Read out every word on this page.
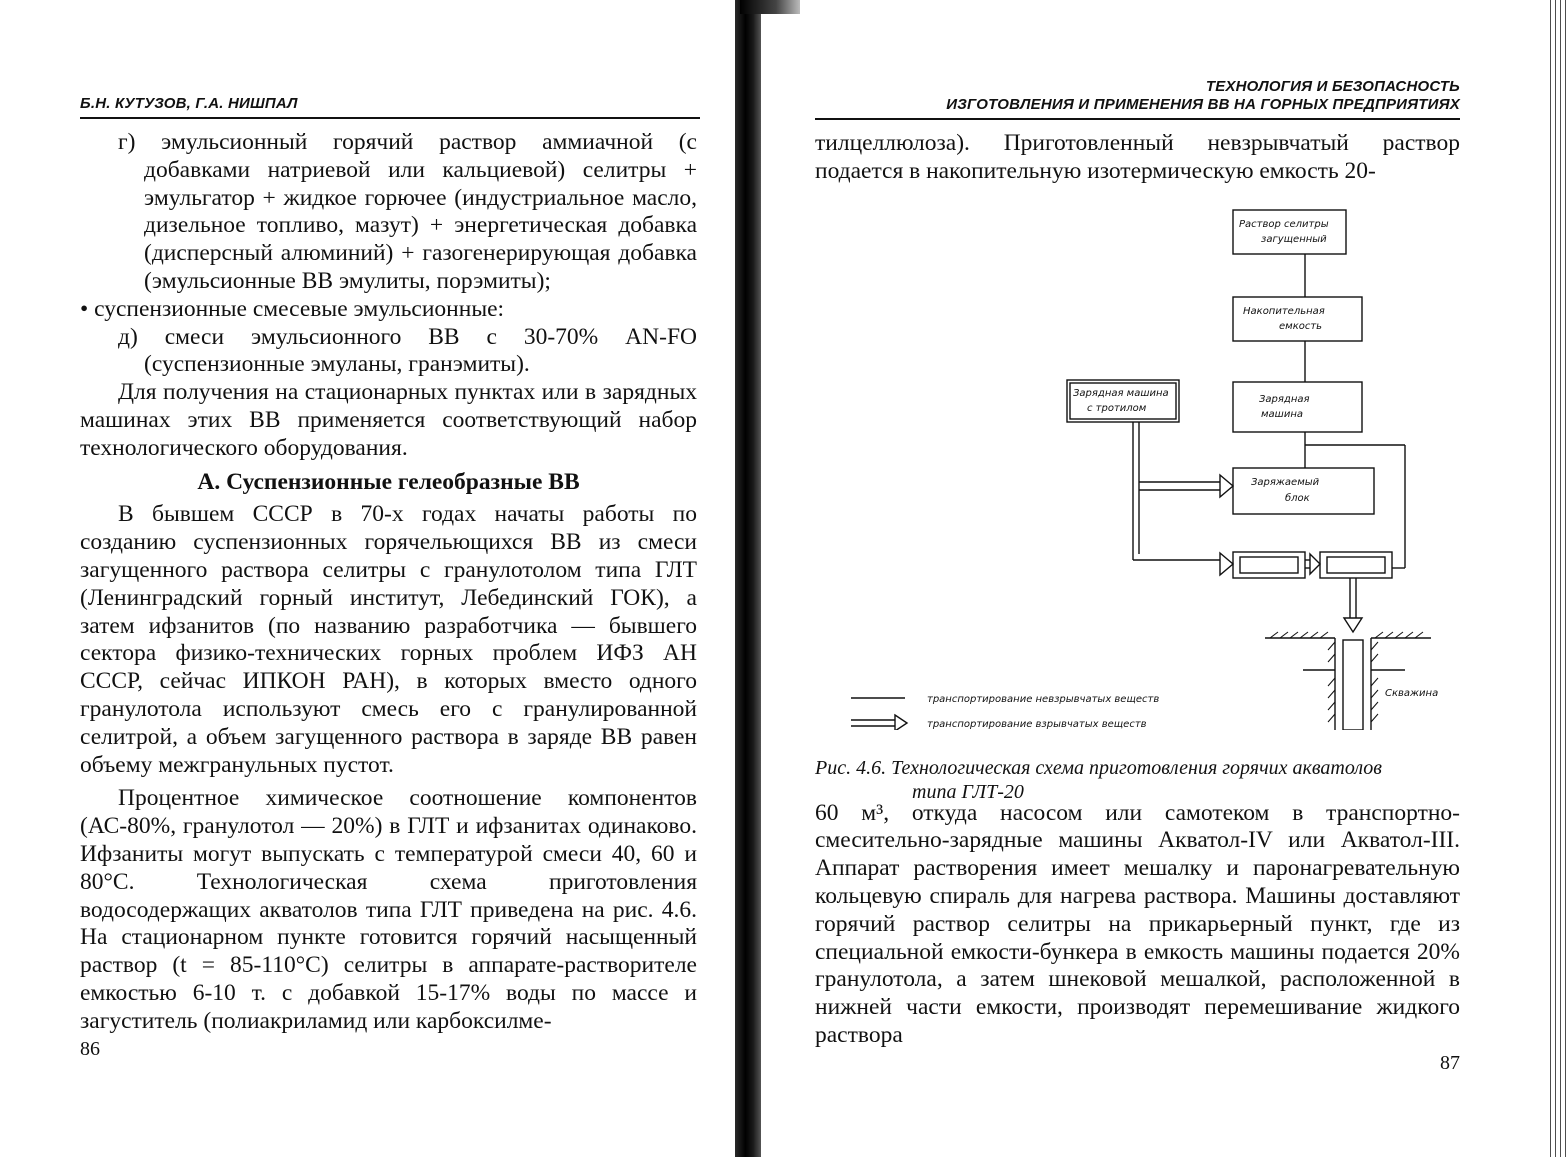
Б.Н. КУТУЗОВ, Г.А. НИШПАЛ

г) эмульсионный горячий раствор аммиачной (с добавками натриевой или кальциевой) селитры + эмульгатор + жидкое горючее (индустриальное масло, дизельное топливо, мазут) + энергетическая добавка (дисперсный алюминий) + газогенерирующая добавка (эмульсионные ВВ эмулиты, порэмиты);

• суспензионные смесевые эмульсионные:

д) смеси эмульсионного ВВ с 30-70% AN-FO (суспензионные эмуланы, гранэмиты).

Для получения на стационарных пунктах или в зарядных машинах этих ВВ применяется соответствующий набор технологического оборудования.

А. Суспензионные гелеобразные ВВ

В бывшем СССР в 70-х годах начаты работы по созданию суспензионных горячельющихся ВВ из смеси загущенного раствора селитры с гранулотолом типа ГЛТ (Ленинградский горный институт, Лебединский ГОК), а затем ифзанитов (по названию разработчика — бывшего сектора физико-технических горных проблем ИФЗ АН СССР, сейчас ИПКОН РАН), в которых вместо одного гранулотола используют смесь его с гранулированной селитрой, а объем загущенного раствора в заряде ВВ равен объему межгранульных пустот.

Процентное химическое соотношение компонентов (АС-80%, гранулотол — 20%) в ГЛТ и ифзанитах одинаково. Ифзаниты могут выпускать с температурой смеси 40, 60 и 80°С. Технологическая схема приготовления водосодержащих акватолов типа ГЛТ приведена на рис. 4.6. На стационарном пункте готовится горячий насыщенный раствор (t = 85-110°С) селитры в аппарате-растворителе емкостью 6-10 т. с добавкой 15-17% воды по массе и загуститель (полиакриламид или карбоксилме-

86
ТЕХНОЛОГИЯ И БЕЗОПАСНОСТЬ
ИЗГОТОВЛЕНИЯ И ПРИМЕНЕНИЯ ВВ НА ГОРНЫХ ПРЕДПРИЯТИЯХ

тилцеллюлоза). Приготовленный невзрывчатый раствор подается в накопительную изотермическую емкость 20-

Раствор селитры
загущенный
Накопительная
емкость
Зарядная машина
с тротилом
Зарядная
машина
Заряжаемый
блок
Скважина
транспортирование невзрывчатых веществ
транспортирование взрывчатых веществ
Рис. 4.6. Технологическая схема приготовления горячих акватолов
типа ГЛТ-20

60 м³, откуда насосом или самотеком в транспортно-смесительно-зарядные машины Акватол-IV или Акватол-III. Аппарат растворения имеет мешалку и паронагревательную кольцевую спираль для нагрева раствора. Машины доставляют горячий раствор селитры на прикарьерный пункт, где из специальной емкости-бункера в емкость машины подается 20% гранулотола, а затем шнековой мешалкой, расположенной в нижней части емкости, производят перемешивание жидкого раствора

87
